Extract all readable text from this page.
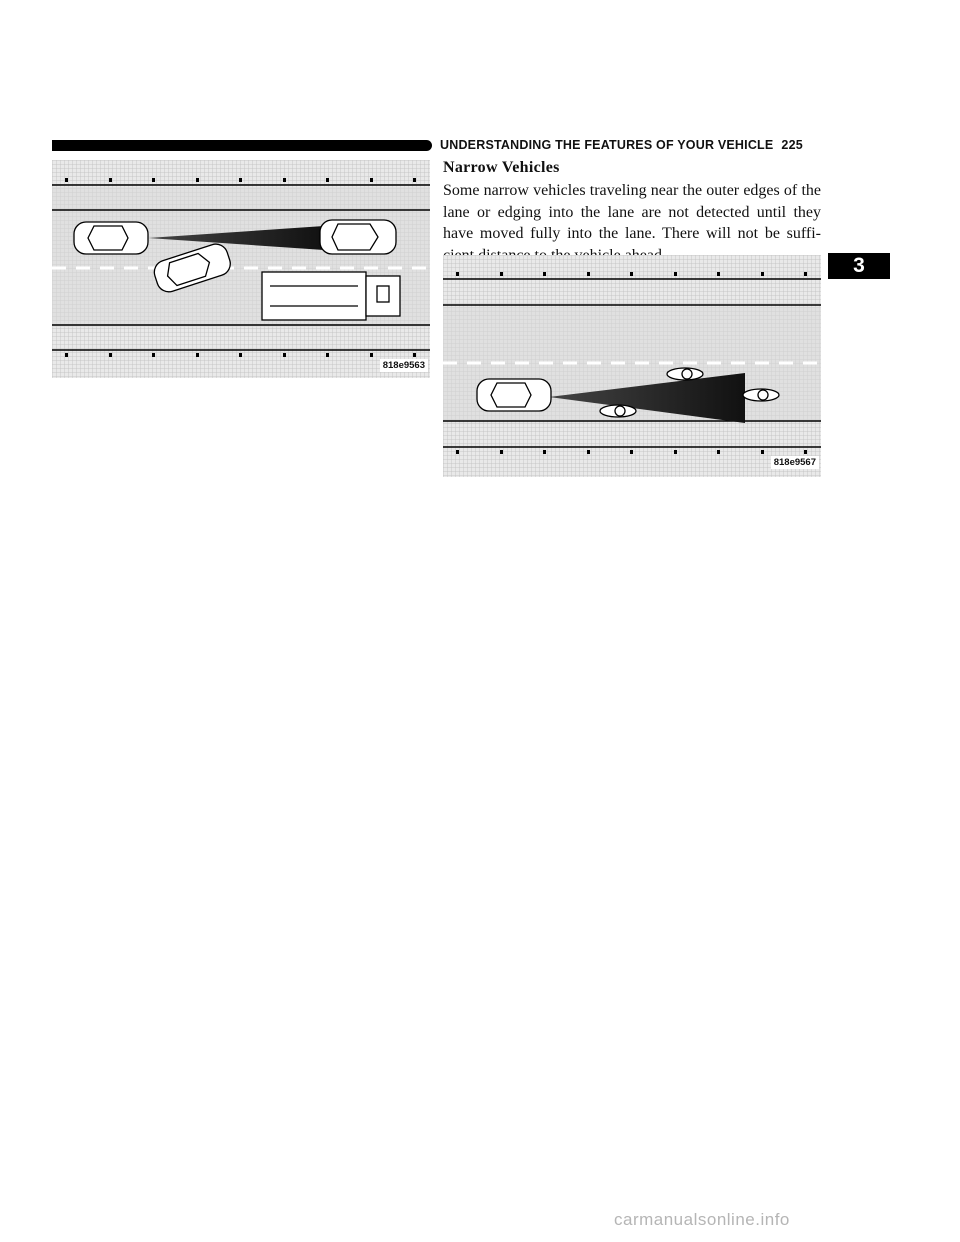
UNDERSTANDING THE FEATURES OF YOUR VEHICLE 225
818e9563
Narrow Vehicles
Some narrow vehicles traveling near the outer edges of the lane or edging into the lane are not detected until they have moved fully into the lane. There will not be suffi-
3
818e9567
carmanualsonline.info
